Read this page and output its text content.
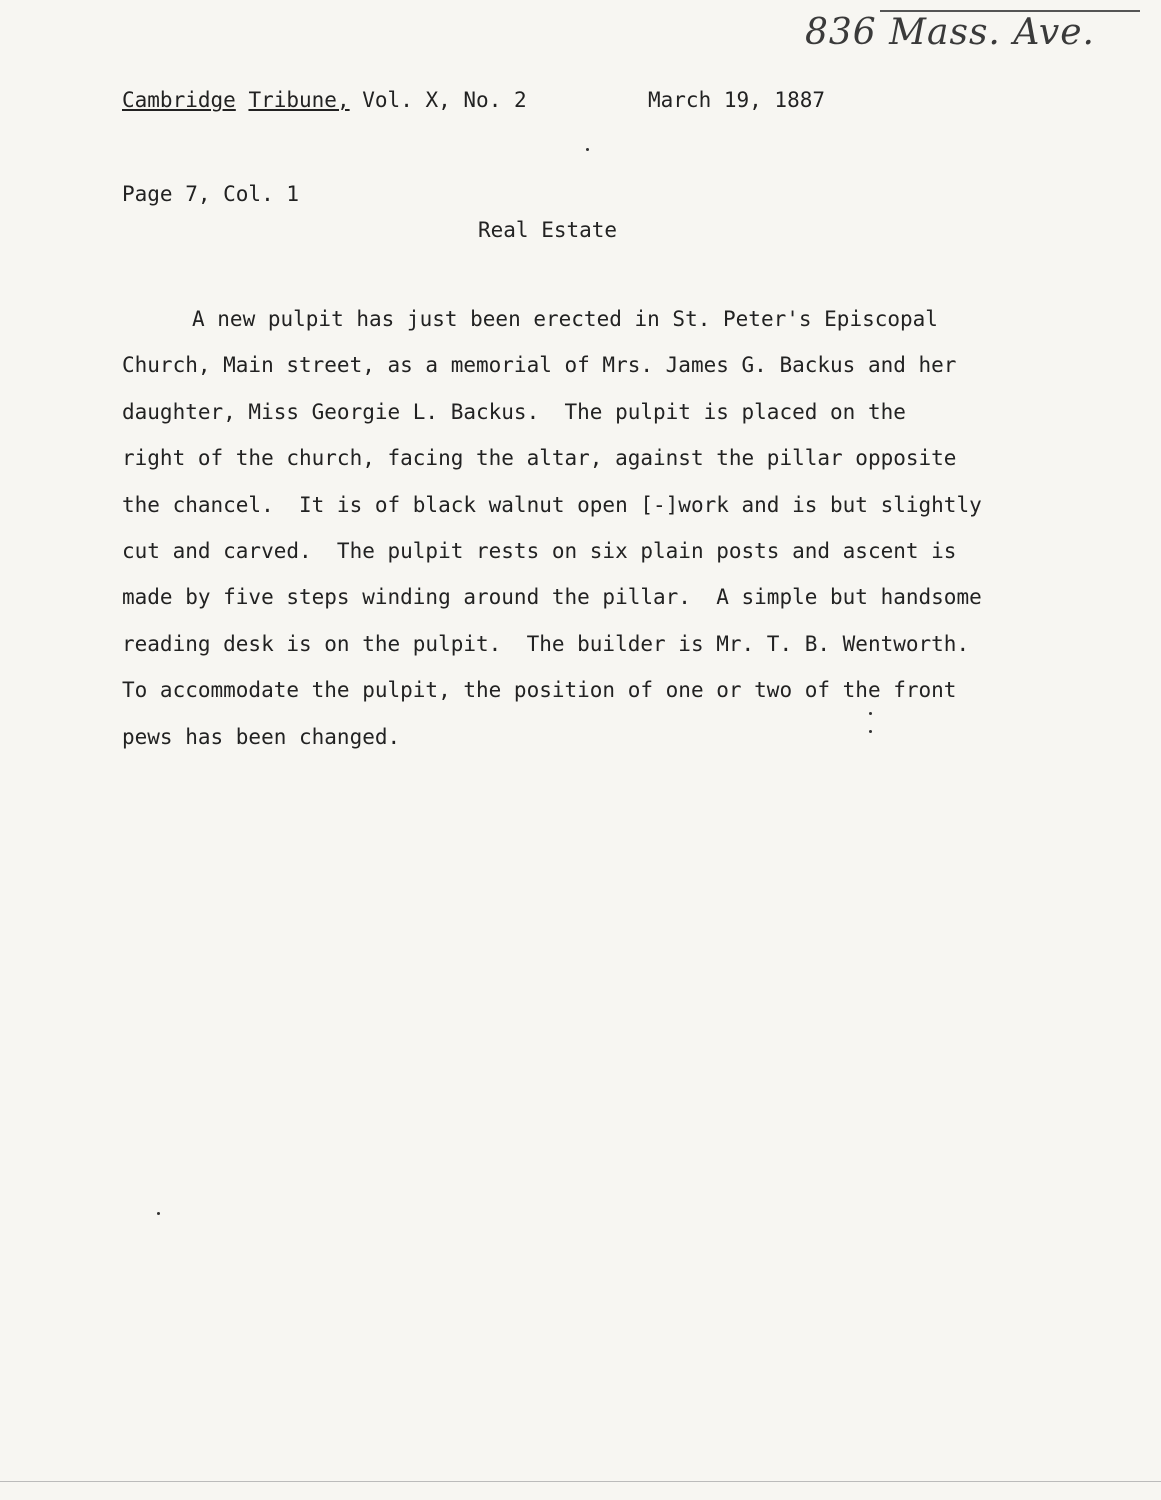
836 Mass. Ave.
Cambridge Tribune, Vol. X, No. 2	March 19, 1887
Page 7, Col. 1
Real Estate
A new pulpit has just been erected in St. Peter's Episcopal
Church, Main street, as a memorial of Mrs. James G. Backus and her
daughter, Miss Georgie L. Backus.  The pulpit is placed on the
right of the church, facing the altar, against the pillar opposite
the chancel.  It is of black walnut open [-]work and is but slightly
cut and carved.  The pulpit rests on six plain posts and ascent is
made by five steps winding around the pillar.  A simple but handsome
reading desk is on the pulpit.  The builder is Mr. T. B. Wentworth.
To accommodate the pulpit, the position of one or two of the front
pews has been changed.
